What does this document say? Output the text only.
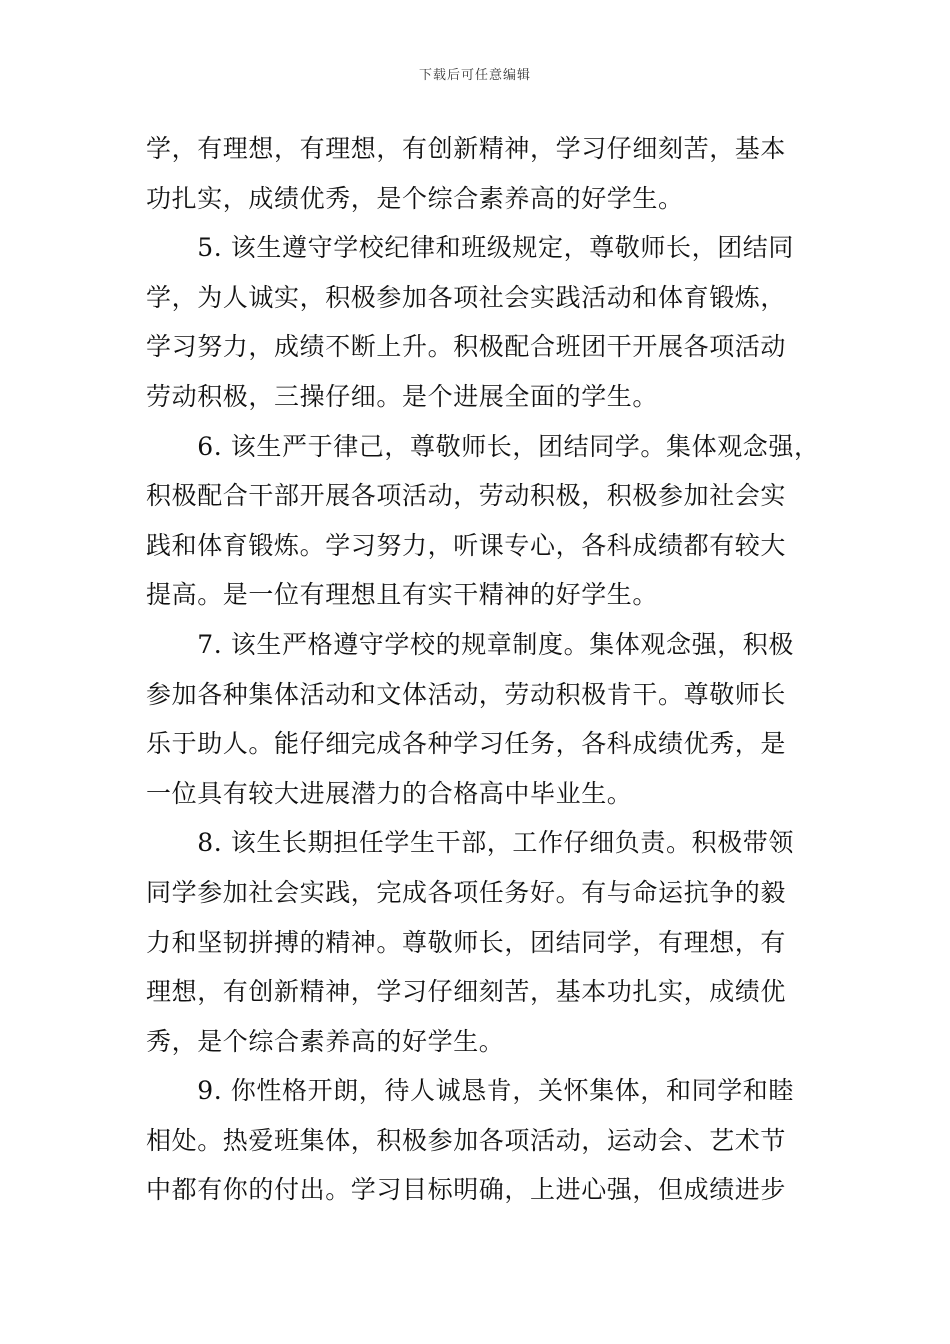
下载后可任意编辑
学，有理想，有理想，有创新精神，学习仔细刻苦，基本
功扎实，成绩优秀，是个综合素养高的好学生。
　　5. 该生遵守学校纪律和班级规定，尊敬师长，团结同
学，为人诚实，积极参加各项社会实践活动和体育锻炼，
学习努力，成绩不断上升。积极配合班团干开展各项活动
劳动积极，三操仔细。是个进展全面的学生。
　　6. 该生严于律己，尊敬师长，团结同学。集体观念强，
积极配合干部开展各项活动，劳动积极，积极参加社会实
践和体育锻炼。学习努力，听课专心，各科成绩都有较大
提高。是一位有理想且有实干精神的好学生。
　　7. 该生严格遵守学校的规章制度。集体观念强，积极
参加各种集体活动和文体活动，劳动积极肯干。尊敬师长
乐于助人。能仔细完成各种学习任务，各科成绩优秀，是
一位具有较大进展潜力的合格高中毕业生。
　　8. 该生长期担任学生干部，工作仔细负责。积极带领
同学参加社会实践，完成各项任务好。有与命运抗争的毅
力和坚韧拼搏的精神。尊敬师长，团结同学，有理想，有
理想，有创新精神，学习仔细刻苦，基本功扎实，成绩优
秀，是个综合素养高的好学生。
　　9. 你性格开朗，待人诚恳肯，关怀集体，和同学和睦
相处。热爱班集体，积极参加各项活动，运动会、艺术节
中都有你的付出。学习目标明确，上进心强，但成绩进步
